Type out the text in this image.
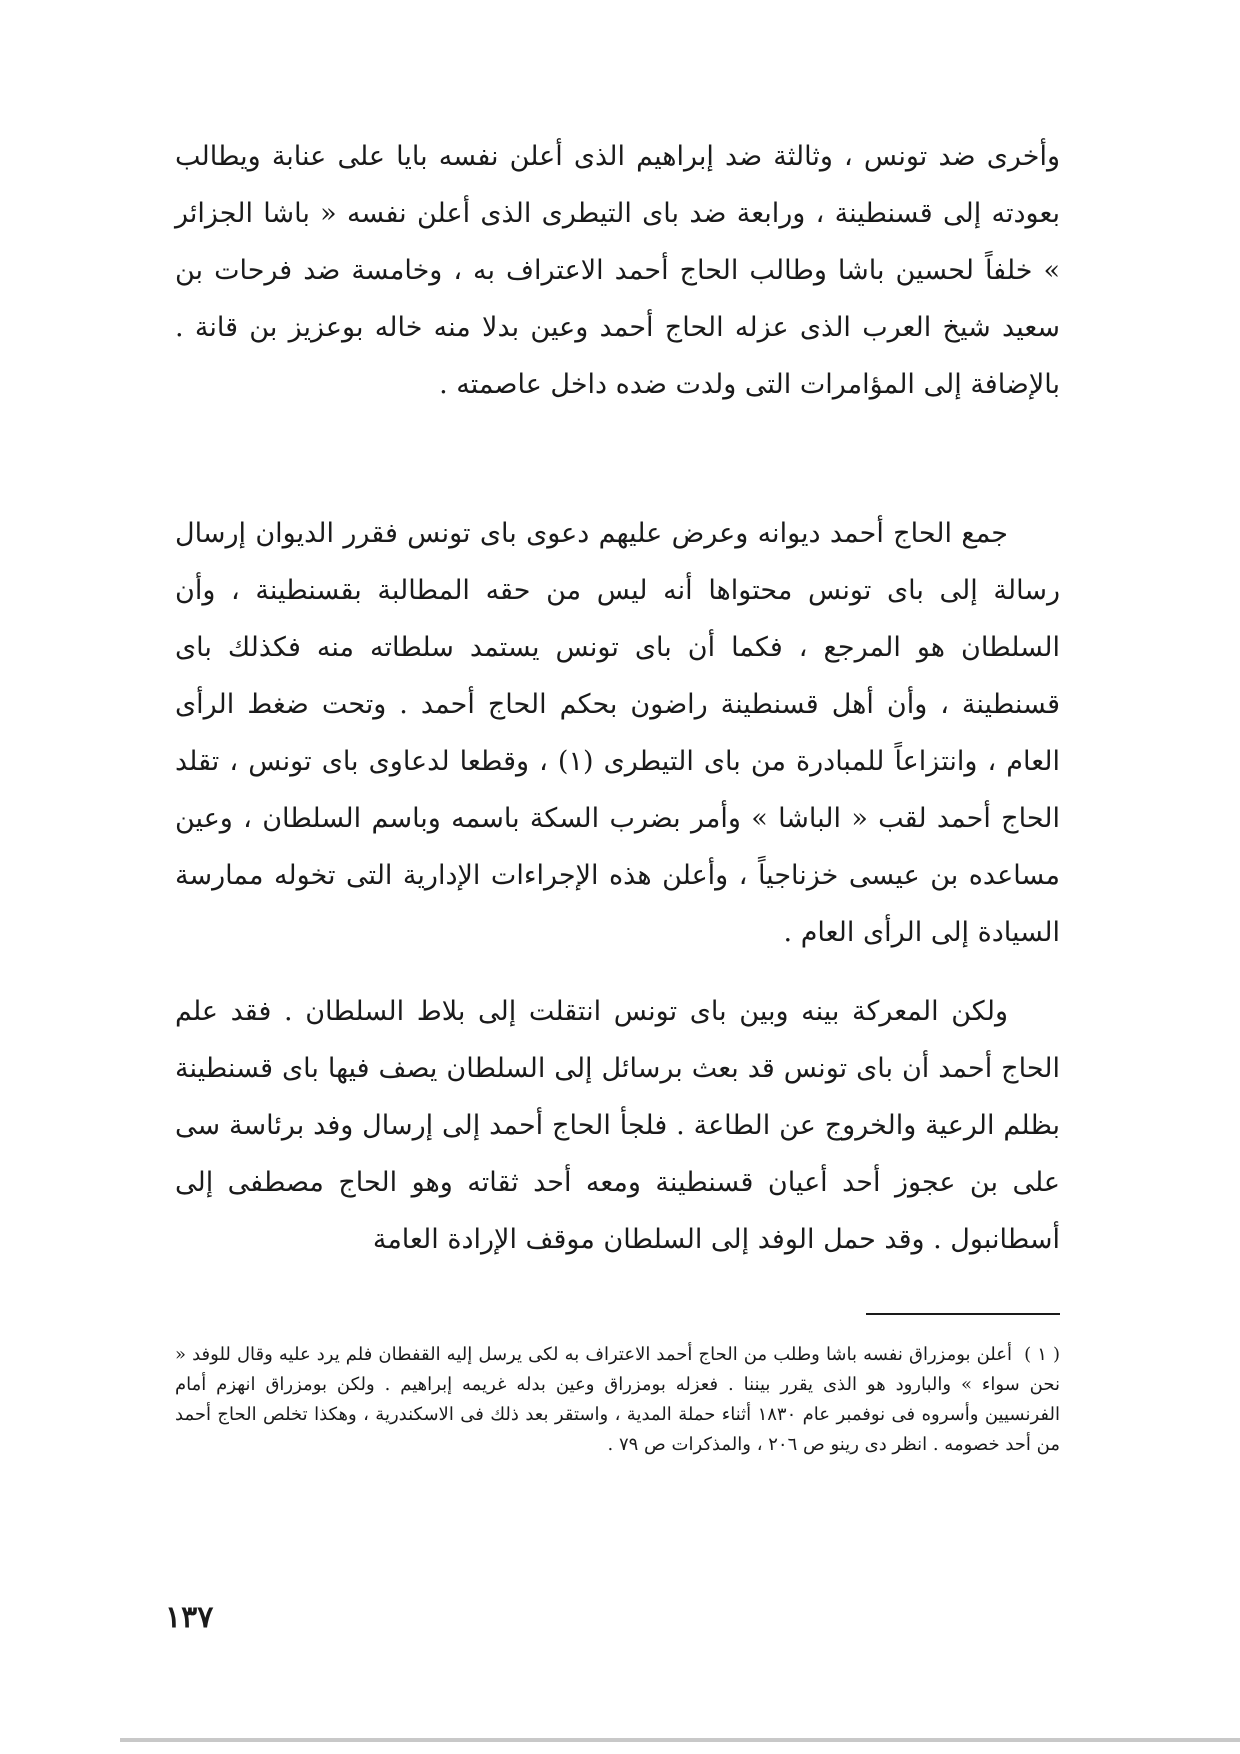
وأخرى ضد تونس ، وثالثة ضد إبراهيم الذى أعلن نفسه بايا على عنابة ويطالب بعودته إلى قسنطينة ، ورابعة ضد باى التيطرى الذى أعلن نفسه « باشا الجزائر » خلفاً لحسين باشا وطالب الحاج أحمد الاعتراف به ، وخامسة ضد فرحات بن سعيد شيخ العرب الذى عزله الحاج أحمد وعين بدلا منه خاله بوعزيز بن قانة . بالإضافة إلى المؤامرات التى ولدت ضده داخل عاصمته .

جمع الحاج أحمد ديوانه وعرض عليهم دعوى باى تونس فقرر الديوان إرسال رسالة إلى باى تونس محتواها أنه ليس من حقه المطالبة بقسنطينة ، وأن السلطان هو المرجع ، فكما أن باى تونس يستمد سلطاته منه فكذلك باى قسنطينة ، وأن أهل قسنطينة راضون بحكم الحاج أحمد . وتحت ضغط الرأى العام ، وانتزاعاً للمبادرة من باى التيطرى (١) ، وقطعا لدعاوى باى تونس ، تقلد الحاج أحمد لقب « الباشا » وأمر بضرب السكة باسمه وباسم السلطان ، وعين مساعده بن عيسى خزناجياً ، وأعلن هذه الإجراءات الإدارية التى تخوله ممارسة السيادة إلى الرأى العام .

ولكن المعركة بينه وبين باى تونس انتقلت إلى بلاط السلطان . فقد علم الحاج أحمد أن باى تونس قد بعث برسائل إلى السلطان يصف فيها باى قسنطينة بظلم الرعية والخروج عن الطاعة . فلجأ الحاج أحمد إلى إرسال وفد برئاسة سى على بن عجوز أحد أعيان قسنطينة ومعه أحد ثقاته وهو الحاج مصطفى إلى أسطانبول . وقد حمل الوفد إلى السلطان موقف الإرادة العامة

( ١ ) أعلن بومزراق نفسه باشا وطلب من الحاج أحمد الاعتراف به لكى يرسل إليه القفطان فلم يرد عليه وقال للوفد « نحن سواء » والبارود هو الذى يقرر بيننا . فعزله بومزراق وعين بدله غريمه إبراهيم . ولكن بومزراق انهزم أمام الفرنسيين وأسروه فى نوفمبر عام ١٨٣٠ أثناء حملة المدية ، واستقر بعد ذلك فى الاسكندرية ، وهكذا تخلص الحاج أحمد من أحد خصومه . انظر دى رينو ص ٢٠٦ ، والمذكرات ص ٧٩ .
١٣٧
